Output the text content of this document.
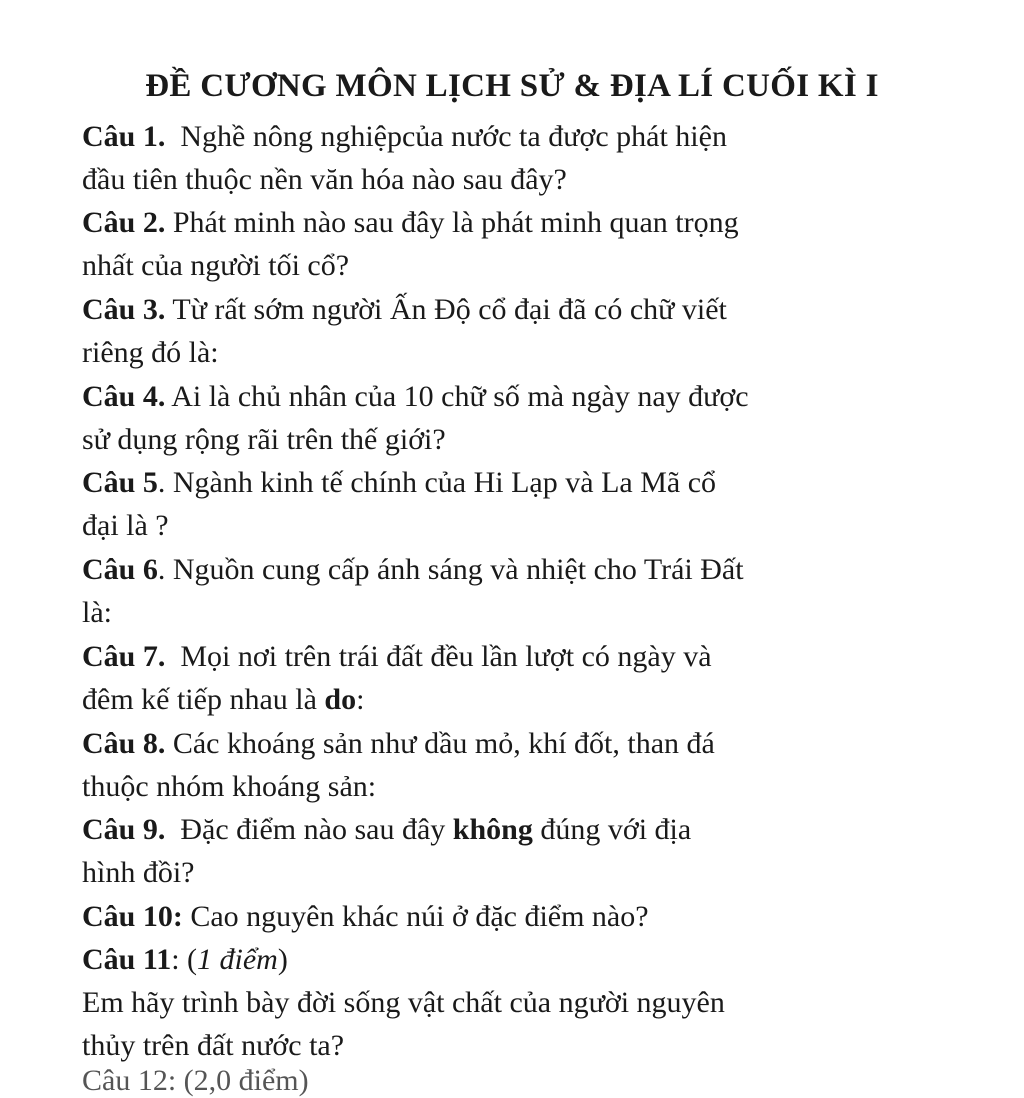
ĐỀ CƯƠNG MÔN LỊCH SỬ & ĐỊA LÍ CUỐI KÌ I
Câu 1. Nghề nông nghiệpcủa nước ta được phát hiện
đầu tiên thuộc nền văn hóa nào sau đây?
Câu 2. Phát minh nào sau đây là phát minh quan trọng
nhất của người tối cổ?
Câu 3. Từ rất sớm người Ấn Độ cổ đại đã có chữ viết
riêng đó là:
Câu 4. Ai là chủ nhân của 10 chữ số mà ngày nay được
sử dụng rộng rãi trên thế giới?
Câu 5. Ngành kinh tế chính của Hi Lạp và La Mã cổ
đại là ?
Câu 6. Nguồn cung cấp ánh sáng và nhiệt cho Trái Đất
là:
Câu 7. Mọi nơi trên trái đất đều lần lượt có ngày và
đêm kế tiếp nhau là do:
Câu 8. Các khoáng sản như dầu mỏ, khí đốt, than đá
thuộc nhóm khoáng sản:
Câu 9. Đặc điểm nào sau đây không đúng với địa
hình đồi?
Câu 10: Cao nguyên khác núi ở đặc điểm nào?
Câu 11: (1 điểm)
Em hãy trình bày đời sống vật chất của người nguyên
thủy trên đất nước ta?
Câu 12: (2,0 điểm)
